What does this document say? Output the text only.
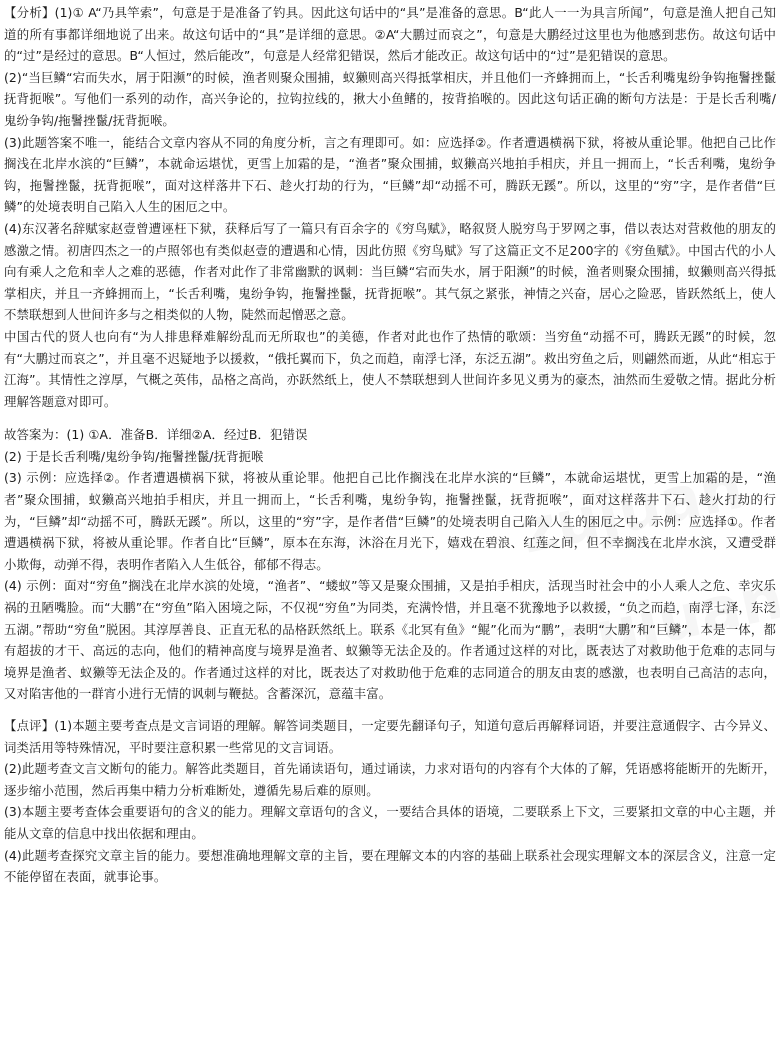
【分析】(1)① A“乃具竿索”，句意是于是准备了钓具。因此这句话中的“具”是准备的意思。B“此人一一为具言所闻”，句意是渔人把自己知道的所有事都详细地说了出来。故这句话中的“具”是详细的意思。②A“大鹏过而哀之”，句意是大鹏经过这里也为他感到悲伤。故这句话中的“过”是经过的意思。B“人恒过，然后能改”，句意是人经常犯错误，然后才能改正。故这句话中的“过”是犯错误的意思。

(2)“当巨鳞“宕而失水，屑于阳濒”的时候，渔者则聚众围捕，蚁獭则高兴得抵掌相庆，并且他们一齐蜂拥而上，“长舌利嘴鬼纷争钩拖鬐挫鬣抚背扼喉”。写他们一系列的动作，高兴争论的，拉钩拉线的，揪大小鱼鳍的，按背掐喉的。因此这句话正确的断句方法是：于是长舌利嘴/鬼纷争钩/拖鬐挫鬣/抚背扼喉。

(3)此题答案不唯一，能结合文章内容从不同的角度分析，言之有理即可。如：应选择②。作者遭遇横祸下狱，将被从重论罪。他把自己比作搁浅在北岸水滨的“巨鳞”，本就命运堪忧，更雪上加霜的是，“渔者”聚众围捕，蚁獭高兴地拍手相庆，并且一拥而上，“长舌利嘴，鬼纷争钩，拖鬐挫鬣，抚背扼喉”，面对这样落井下石、趁火打劫的行为，“巨鳞”却“动摇不可，腾跃无蹊”。所以，这里的“穷”字，是作者借“巨鳞”的处境表明自己陷入人生的困厄之中。

(4)东汉著名辞赋家赵壹曾遭诬枉下狱，获释后写了一篇只有百余字的《穷鸟赋》，略叙贤人脱穷鸟于罗网之事，借以表达对营救他的朋友的感激之情。初唐四杰之一的卢照邻也有类似赵壹的遭遇和心情，因此仿照《穷鸟赋》写了这篇正文不足200字的《穷鱼赋》。中国古代的小人向有乘人之危和幸人之难的恶德，作者对此作了非常幽默的讽刺：当巨鳞“宕而失水，屑于阳濒”的时候，渔者则聚众围捕，蚁獭则高兴得抵掌相庆，并且一齐蜂拥而上，“长舌利嘴，鬼纷争钩，拖鬐挫鬣，抚背扼喉”。其气氛之紧张，神情之兴奋，居心之险恶，皆跃然纸上，使人不禁联想到人世间许多与之相类似的人物，陡然而起憎恶之意。

中国古代的贤人也向有“为人排患释难解纷乱而无所取也”的美德，作者对此也作了热情的歌颂：当穷鱼“动摇不可，腾跃无蹊”的时候，忽有“大鹏过而哀之”，并且毫不迟疑地予以援救，“俄托翼而下，负之而趋，南浮七泽，东泛五湖”。救出穷鱼之后，则翩然而逝，从此“相忘于江海”。其情性之淳厚，气概之英伟，品格之高尚，亦跃然纸上，使人不禁联想到人世间许多见义勇为的豪杰，油然而生爱敬之情。据此分析理解答题意对即可。

故答案为：(1) ①A．准备B．详细②A．经过B．犯错误

(2) 于是长舌利嘴/鬼纷争钩/拖鬐挫鬣/抚背扼喉

(3) 示例：应选择②。作者遭遇横祸下狱，将被从重论罪。他把自己比作搁浅在北岸水滨的“巨鳞”，本就命运堪忧，更雪上加霜的是，“渔者”聚众围捕，蚁獭高兴地拍手相庆，并且一拥而上，“长舌利嘴，鬼纷争钩，拖鬐挫鬣，抚背扼喉”，面对这样落井下石、趁火打劫的行为，“巨鳞”却“动摇不可，腾跃无蹊”。所以，这里的“穷”字，是作者借“巨鳞”的处境表明自己陷入人生的困厄之中。示例：应选择①。作者遭遇横祸下狱，将被从重论罪。作者自比“巨鳞”，原本在东海，沐浴在月光下，嬉戏在碧浪、红莲之间，但不幸搁浅在北岸水滨，又遭受群小欺侮，动弹不得，表明作者陷入人生低谷，郁郁不得志。

(4) 示例：面对“穷鱼”搁浅在北岸水滨的处境，“渔者”、“蝼蚁”等又是聚众围捕，又是拍手相庆，活现当时社会中的小人乘人之危、幸灾乐祸的丑陋嘴脸。而“大鹏”在“穷鱼”陷入困境之际，不仅视“穷鱼”为同类，充满怜惜，并且毫不犹豫地予以救援，“负之而趋，南浮七泽，东泛五湖。”帮助“穷鱼”脱困。其淳厚善良、正直无私的品格跃然纸上。联系《北冥有鱼》“鲲”化而为“鹏”，表明“大鹏”和“巨鳞”，本是一体，都有超拔的才干、高远的志向，他们的精神高度与境界是渔者、蚁獭等无法企及的。作者通过这样的对比，既表达了对救助他于危难的志同与境界是渔者、蚁獭等无法企及的。作者通过这样的对比，既表达了对救助他于危难的志同道合的朋友由衷的感激，也表明自己高洁的志向，又对陷害他的一群宵小进行无情的讽刺与鞭挞。含蓄深沉，意蕴丰富。

【点评】(1)本题主要考查点是文言词语的理解。解答词类题目，一定要先翻译句子，知道句意后再解释词语，并要注意通假字、古今异义、词类活用等特殊情况，平时要注意积累一些常见的文言词语。

(2)此题考查文言文断句的能力。解答此类题目，首先诵读语句，通过诵读，力求对语句的内容有个大体的了解，凭语感将能断开的先断开，逐步缩小范围，然后再集中精力分析难断处，遵循先易后难的原则。

(3)本题主要考查体会重要语句的含义的能力。理解文章语句的含义，一要结合具体的语境，二要联系上下文，三要紧扣文章的中心主题，并能从文章的信息中找出依据和理由。

(4)此题考查探究文章主旨的能力。要想准确地理解文章的主旨，要在理解文本的内容的基础上联系社会现实理解文本的深层含义，注意一定不能停留在表面，就事论事。
